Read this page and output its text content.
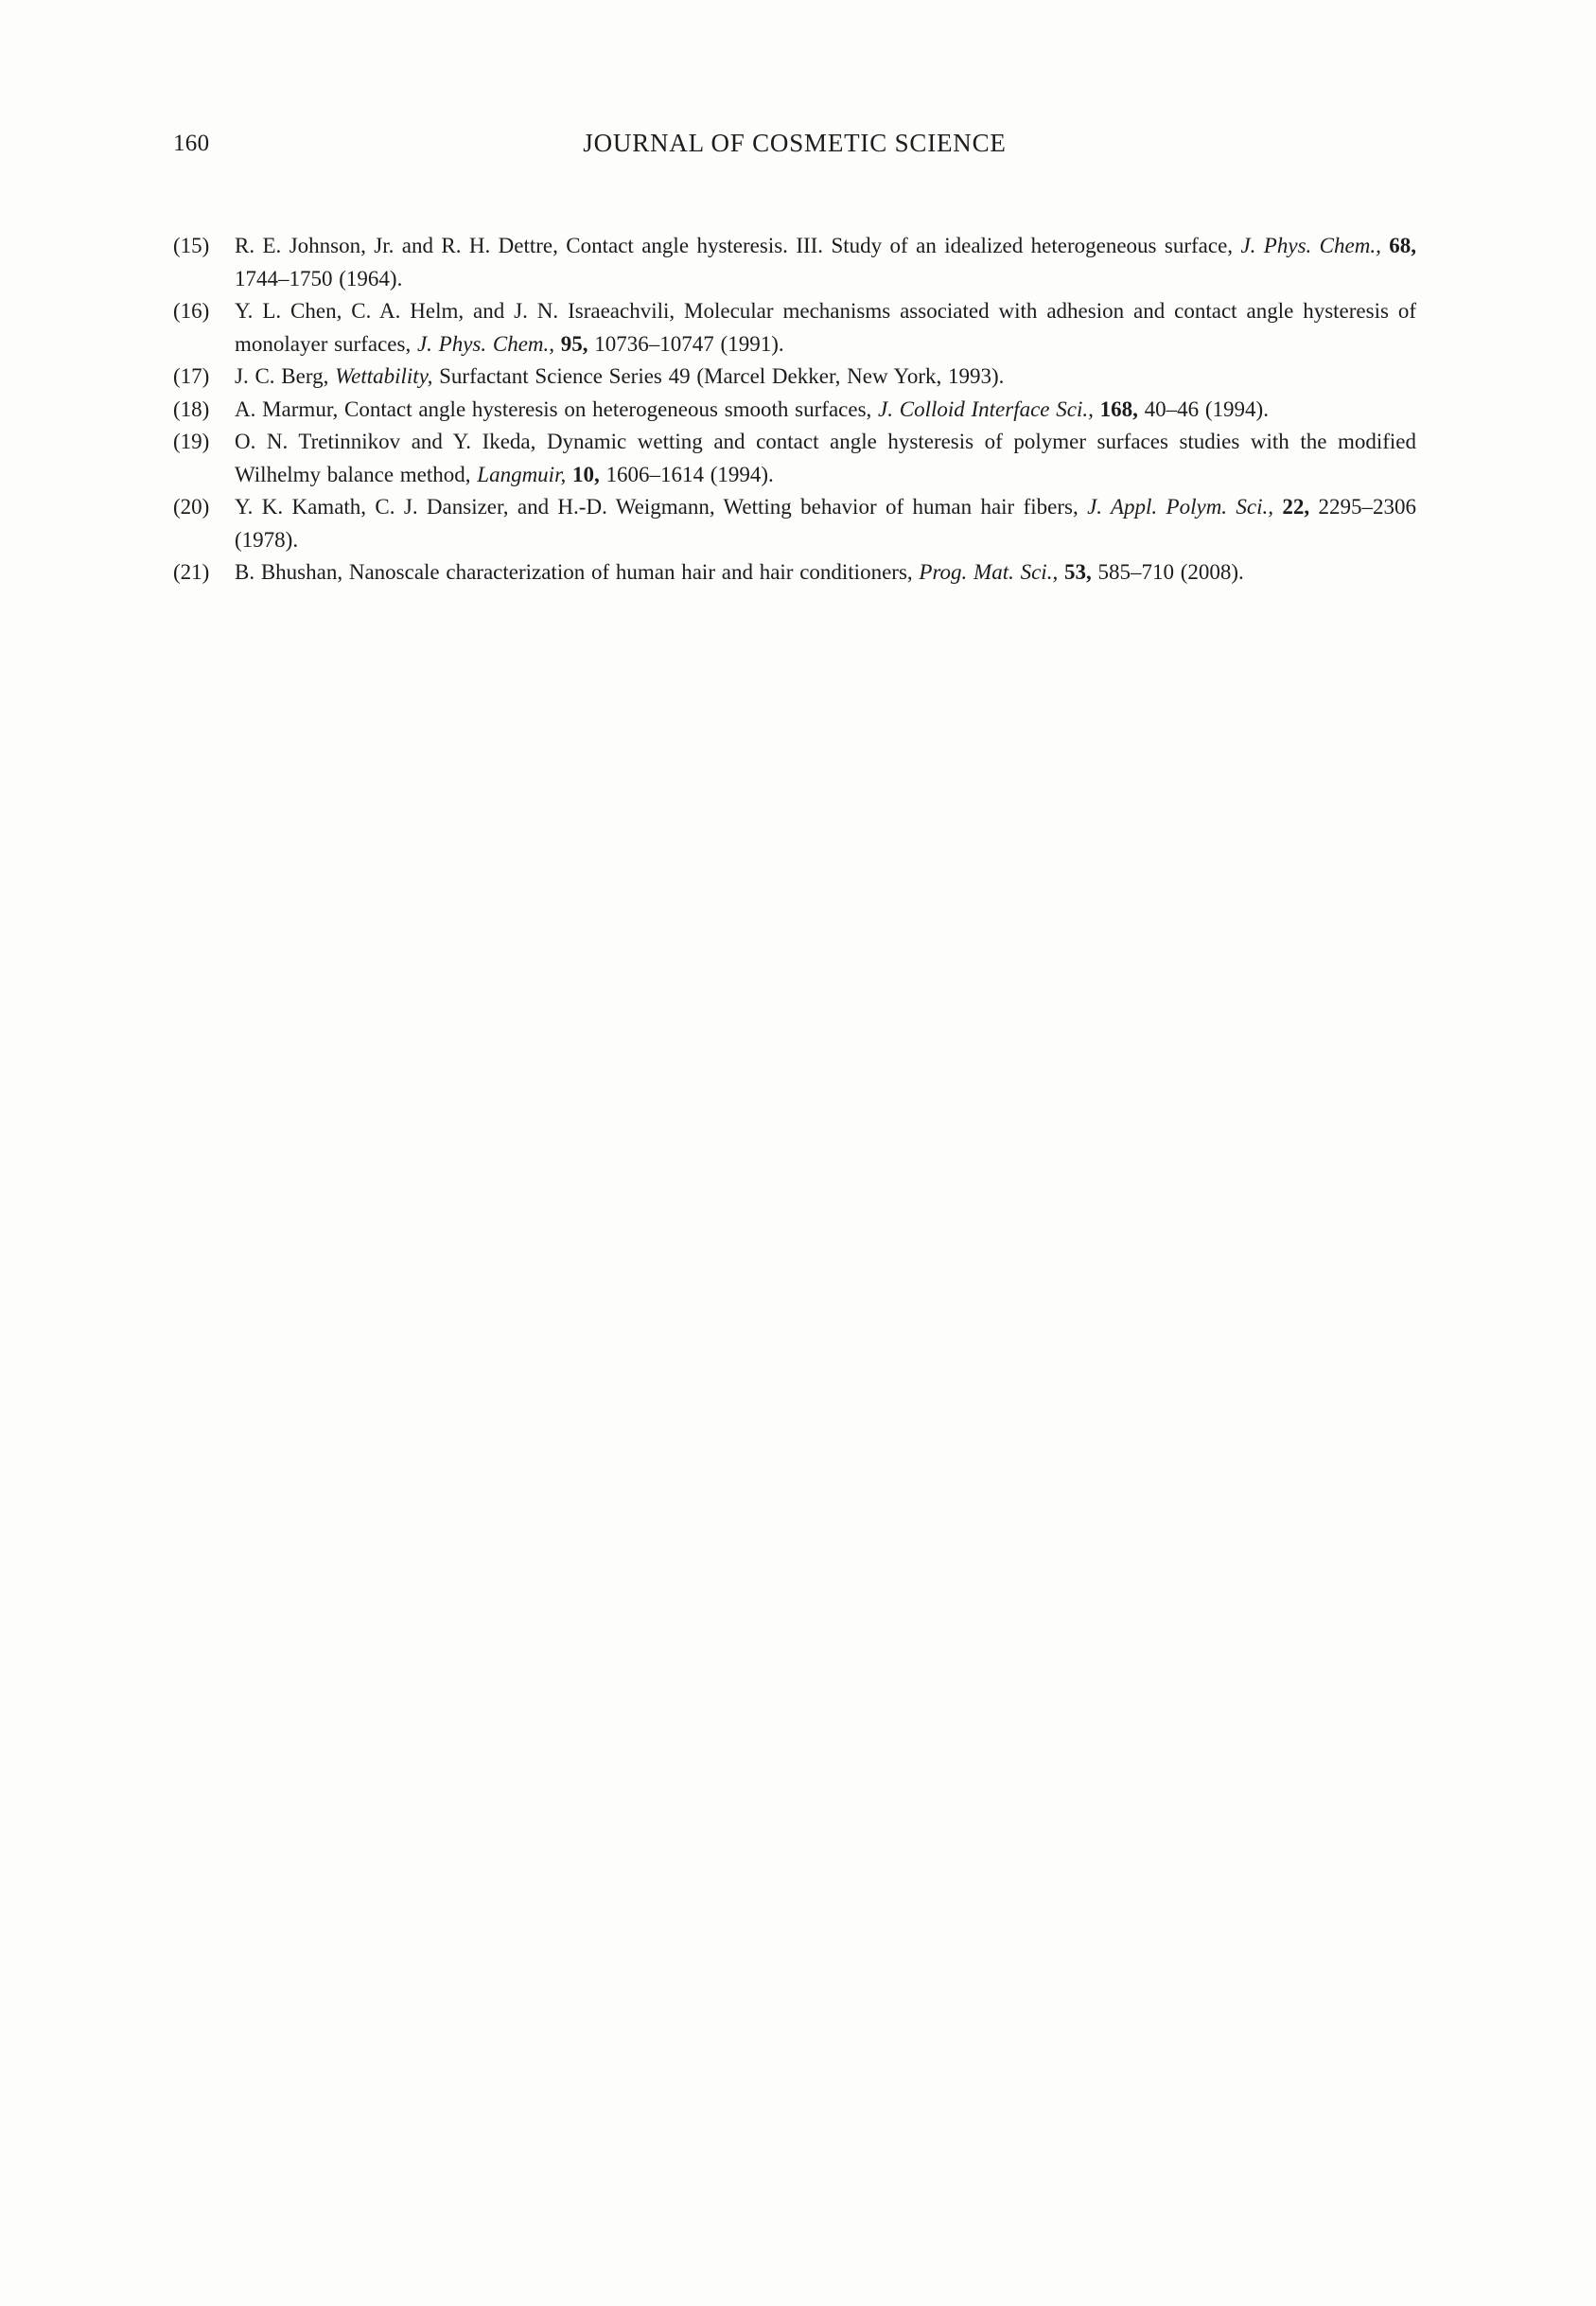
160	JOURNAL OF COSMETIC SCIENCE
(15) R. E. Johnson, Jr. and R. H. Dettre, Contact angle hysteresis. III. Study of an idealized heterogeneous surface, J. Phys. Chem., 68, 1744–1750 (1964).
(16) Y. L. Chen, C. A. Helm, and J. N. Israeachvili, Molecular mechanisms associated with adhesion and contact angle hysteresis of monolayer surfaces, J. Phys. Chem., 95, 10736–10747 (1991).
(17) J. C. Berg, Wettability, Surfactant Science Series 49 (Marcel Dekker, New York, 1993).
(18) A. Marmur, Contact angle hysteresis on heterogeneous smooth surfaces, J. Colloid Interface Sci., 168, 40–46 (1994).
(19) O. N. Tretinnikov and Y. Ikeda, Dynamic wetting and contact angle hysteresis of polymer surfaces studies with the modified Wilhelmy balance method, Langmuir, 10, 1606–1614 (1994).
(20) Y. K. Kamath, C. J. Dansizer, and H.-D. Weigmann, Wetting behavior of human hair fibers, J. Appl. Polym. Sci., 22, 2295–2306 (1978).
(21) B. Bhushan, Nanoscale characterization of human hair and hair conditioners, Prog. Mat. Sci., 53, 585–710 (2008).
